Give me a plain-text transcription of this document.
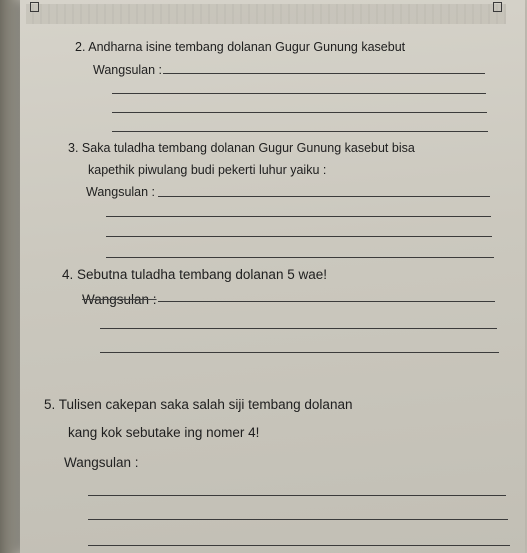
2. Andharna isine tembang dolanan Gugur Gunung kasebut
Wangsulan :
3. Saka tuladha tembang dolanan Gugur Gunung kasebut bisa
kapethik piwulang budi pekerti luhur yaiku :
Wangsulan :
4. Sebutna tuladha tembang dolanan 5 wae!
Wangsulan :
5. Tulisen cakepan saka salah siji tembang dolanan
kang kok sebutake ing nomer 4!
Wangsulan :
